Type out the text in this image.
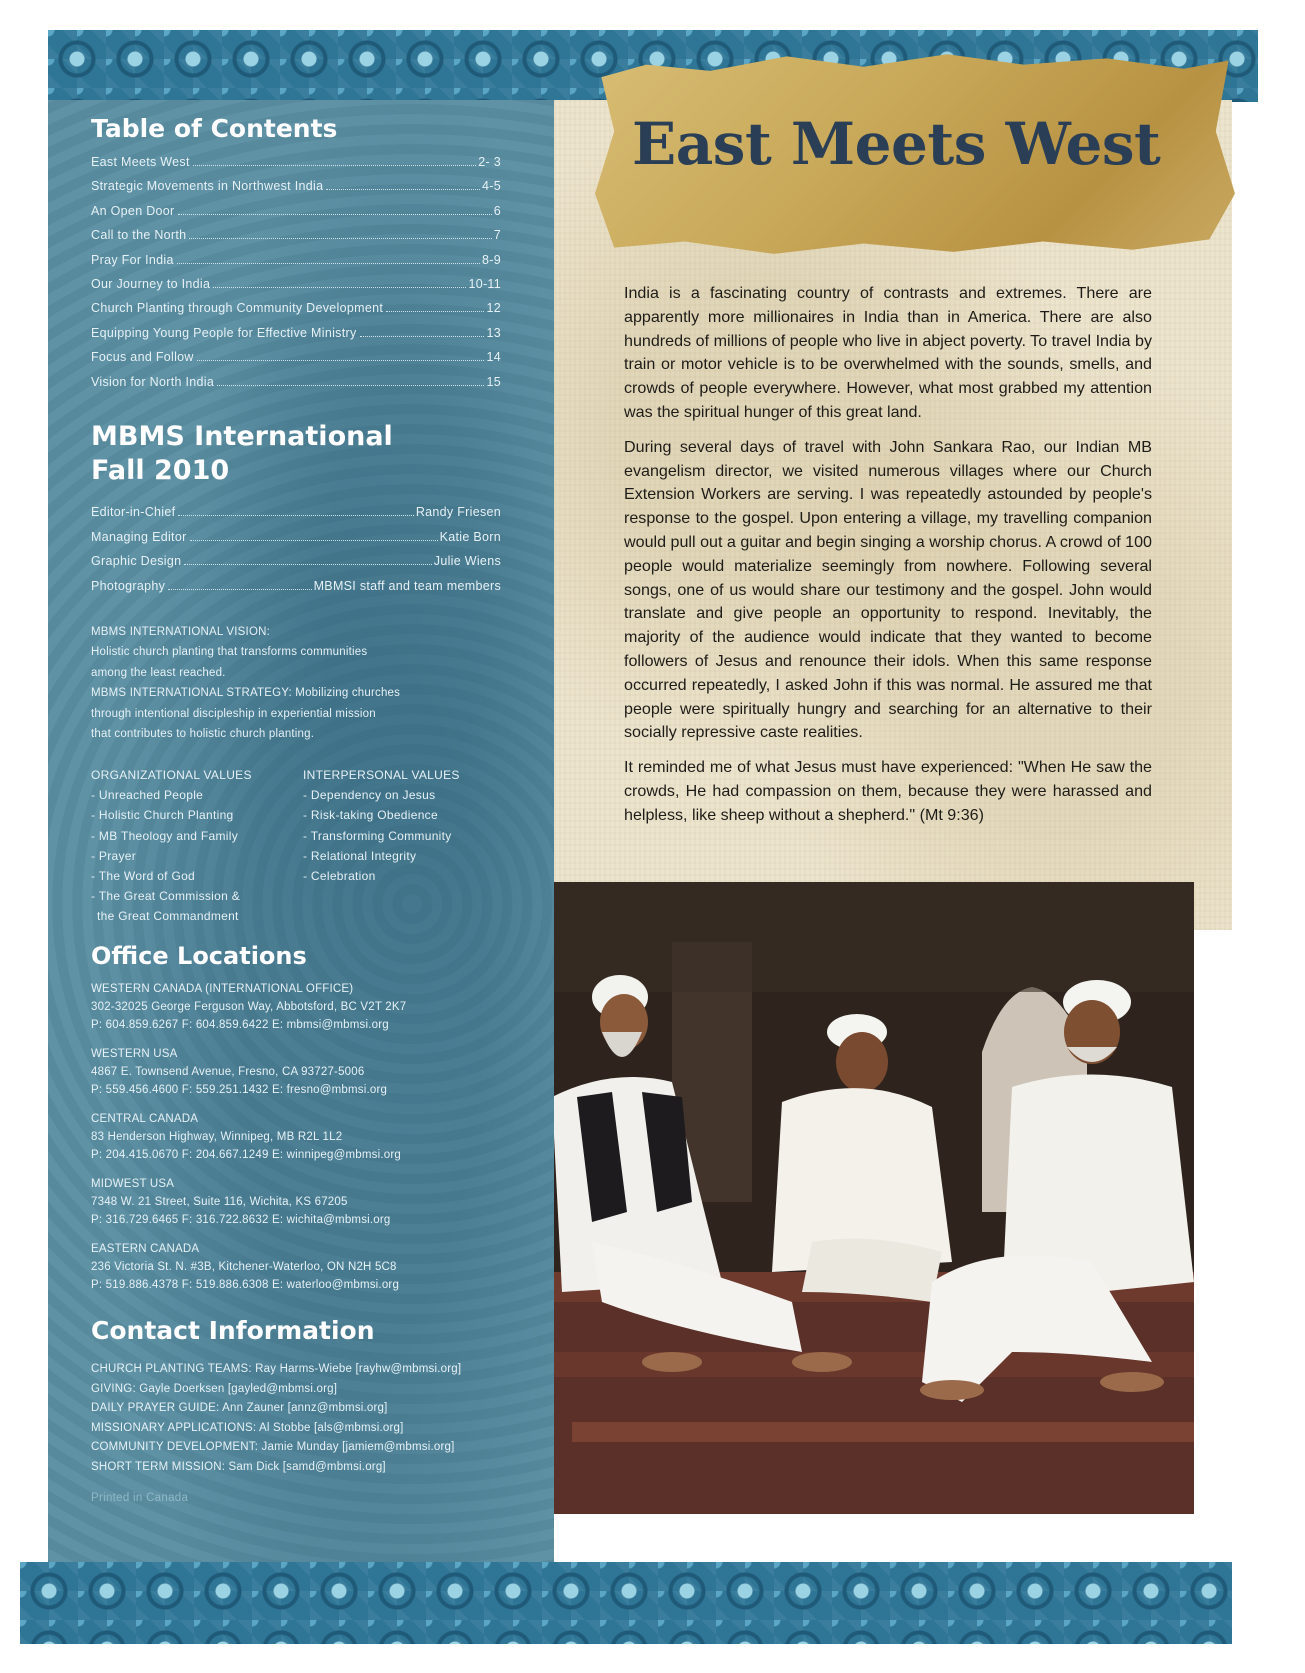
East Meets West

India is a fascinating country of contrasts and extremes. There are apparently more millionaires in India than in America. There are also hundreds of millions of people who live in abject poverty. To travel India by train or motor vehicle is to be overwhelmed with the sounds, smells, and crowds of people everywhere. However, what most grabbed my attention was the spiritual hunger of this great land.

During several days of travel with John Sankara Rao, our Indian MB evangelism director, we visited numerous villages where our Church Extension Workers are serving. I was repeatedly astounded by people's response to the gospel. Upon entering a village, my travelling companion would pull out a guitar and begin singing a worship chorus. A crowd of 100 people would materialize seemingly from nowhere. Following several songs, one of us would share our testimony and the gospel. John would translate and give people an opportunity to respond. Inevitably, the majority of the audience would indicate that they wanted to become followers of Jesus and renounce their idols. When this same response occurred repeatedly, I asked John if this was normal. He assured me that people were spiritually hungry and searching for an alternative to their socially repressive caste realities.

It reminded me of what Jesus must have experienced: "When He saw the crowds, He had compassion on them, because they were harassed and helpless, like sheep without a shepherd." (Mt 9:36)

Table of Contents
East Meets West	2- 3
Strategic Movements in Northwest India	4-5
An Open Door	6
Call to the North	7
Pray For India	8-9
Our Journey to India	10-11
Church Planting through Community Development	12
Equipping Young People for Effective Ministry	13
Focus and Follow	14
Vision for North India	15
MBMS International
Fall 2010
Editor-in-Chief	Randy Friesen
Managing Editor	Katie Born
Graphic Design	Julie Wiens
Photography	MBMSI staff and team members
MBMS INTERNATIONAL VISION:
Holistic church planting that transforms communities
among the least reached.
MBMS INTERNATIONAL STRATEGY: Mobilizing churches
through intentional discipleship in experiential mission
that contributes to holistic church planting.
ORGANIZATIONAL VALUES
- Unreached People
- Holistic Church Planting
- MB Theology and Family
- Prayer
- The Word of God
- The Great Commission &
the Great Commandment
INTERPERSONAL VALUES
- Dependency on Jesus
- Risk-taking Obedience
- Transforming Community
- Relational Integrity
- Celebration
Office Locations
WESTERN CANADA (INTERNATIONAL OFFICE)
302-32025 George Ferguson Way, Abbotsford, BC V2T 2K7
P: 604.859.6267 F: 604.859.6422 E: mbmsi@mbmsi.org
WESTERN USA
4867 E. Townsend Avenue, Fresno, CA 93727-5006
P: 559.456.4600 F: 559.251.1432 E: fresno@mbmsi.org
CENTRAL CANADA
83 Henderson Highway, Winnipeg, MB R2L 1L2
P: 204.415.0670 F: 204.667.1249 E: winnipeg@mbmsi.org
MIDWEST USA
7348 W. 21 Street, Suite 116, Wichita, KS 67205
P: 316.729.6465 F: 316.722.8632 E: wichita@mbmsi.org
EASTERN CANADA
236 Victoria St. N. #3B, Kitchener-Waterloo, ON N2H 5C8
P: 519.886.4378 F: 519.886.6308 E: waterloo@mbmsi.org
Contact Information
CHURCH PLANTING TEAMS: Ray Harms-Wiebe [rayhw@mbmsi.org]
GIVING: Gayle Doerksen [gayled@mbmsi.org]
DAILY PRAYER GUIDE: Ann Zauner [annz@mbmsi.org]
MISSIONARY APPLICATIONS: Al Stobbe [als@mbmsi.org]
COMMUNITY DEVELOPMENT: Jamie Munday [jamiem@mbmsi.org]
SHORT TERM MISSION: Sam Dick [samd@mbmsi.org]
Printed in Canada
